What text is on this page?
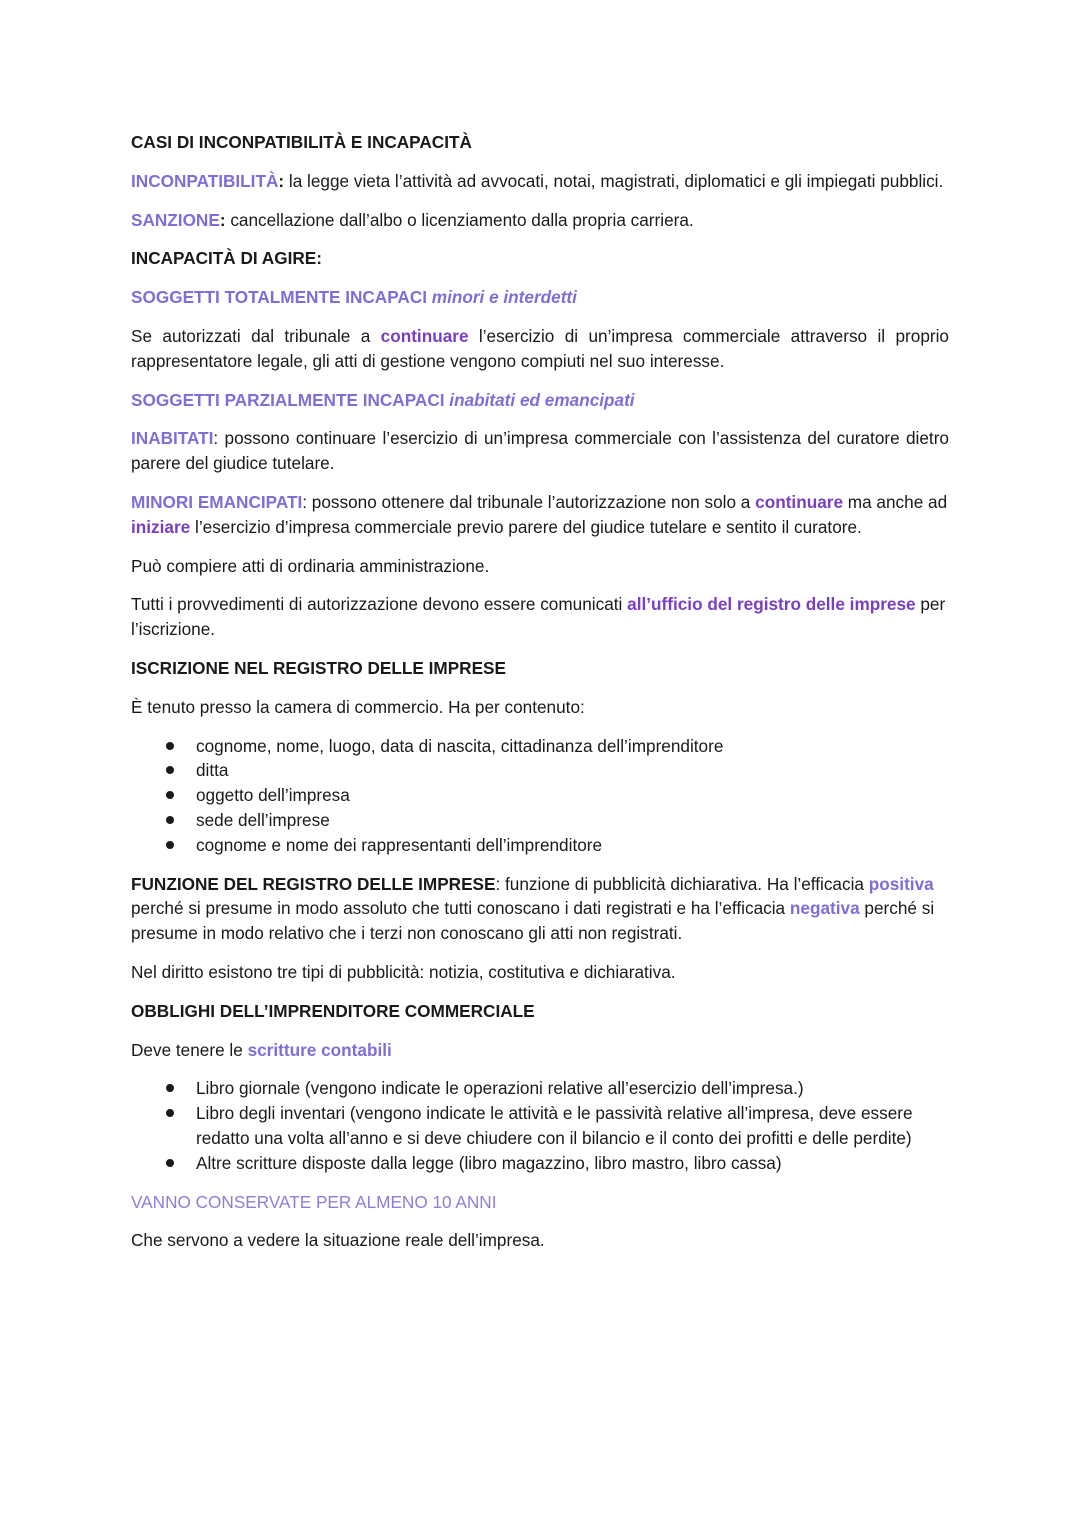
CASI DI INCONPATIBILITÀ E INCAPACITÀ

INCONPATIBILITÀ: la legge vieta l’attività ad avvocati, notai, magistrati, diplomatici e gli impiegati pubblici.

SANZIONE: cancellazione dall’albo o licenziamento dalla propria carriera.

INCAPACITÀ DI AGIRE:

SOGGETTI TOTALMENTE INCAPACI minori e interdetti

Se autorizzati dal tribunale a continuare l’esercizio di un’impresa commerciale attraverso il proprio rappresentatore legale, gli atti di gestione vengono compiuti nel suo interesse.

SOGGETTI PARZIALMENTE INCAPACI inabitati ed emancipati

INABITATI: possono continuare l’esercizio di un’impresa commerciale con l’assistenza del curatore dietro parere del giudice tutelare.

MINORI EMANCIPATI: possono ottenere dal tribunale l’autorizzazione non solo a continuare ma anche ad iniziare l’esercizio d’impresa commerciale previo parere del giudice tutelare e sentito il curatore.

Può compiere atti di ordinaria amministrazione.

Tutti i provvedimenti di autorizzazione devono essere comunicati all’ufficio del registro delle imprese per l’iscrizione.

ISCRIZIONE NEL REGISTRO DELLE IMPRESE

È tenuto presso la camera di commercio. Ha per contenuto:

cognome, nome, luogo, data di nascita, cittadinanza dell’imprenditore
ditta
oggetto dell’impresa
sede dell’imprese
cognome e nome dei rappresentanti dell’imprenditore

FUNZIONE DEL REGISTRO DELLE IMPRESE: funzione di pubblicità dichiarativa. Ha l’efficacia positiva perché si presume in modo assoluto che tutti conoscano i dati registrati e ha l’efficacia negativa perché si presume in modo relativo che i terzi non conoscano gli atti non registrati.

Nel diritto esistono tre tipi di pubblicità: notizia, costitutiva e dichiarativa.

OBBLIGHI DELL’IMPRENDITORE COMMERCIALE

Deve tenere le scritture contabili

Libro giornale (vengono indicate le operazioni relative all’esercizio dell’impresa.)
Libro degli inventari (vengono indicate le attività e le passività relative all’impresa, deve essere redatto una volta all’anno e si deve chiudere con il bilancio e il conto dei profitti e delle perdite)
Altre scritture disposte dalla legge (libro magazzino, libro mastro, libro cassa)

VANNO CONSERVATE PER ALMENO 10 ANNI

Che servono a vedere la situazione reale dell’impresa.
